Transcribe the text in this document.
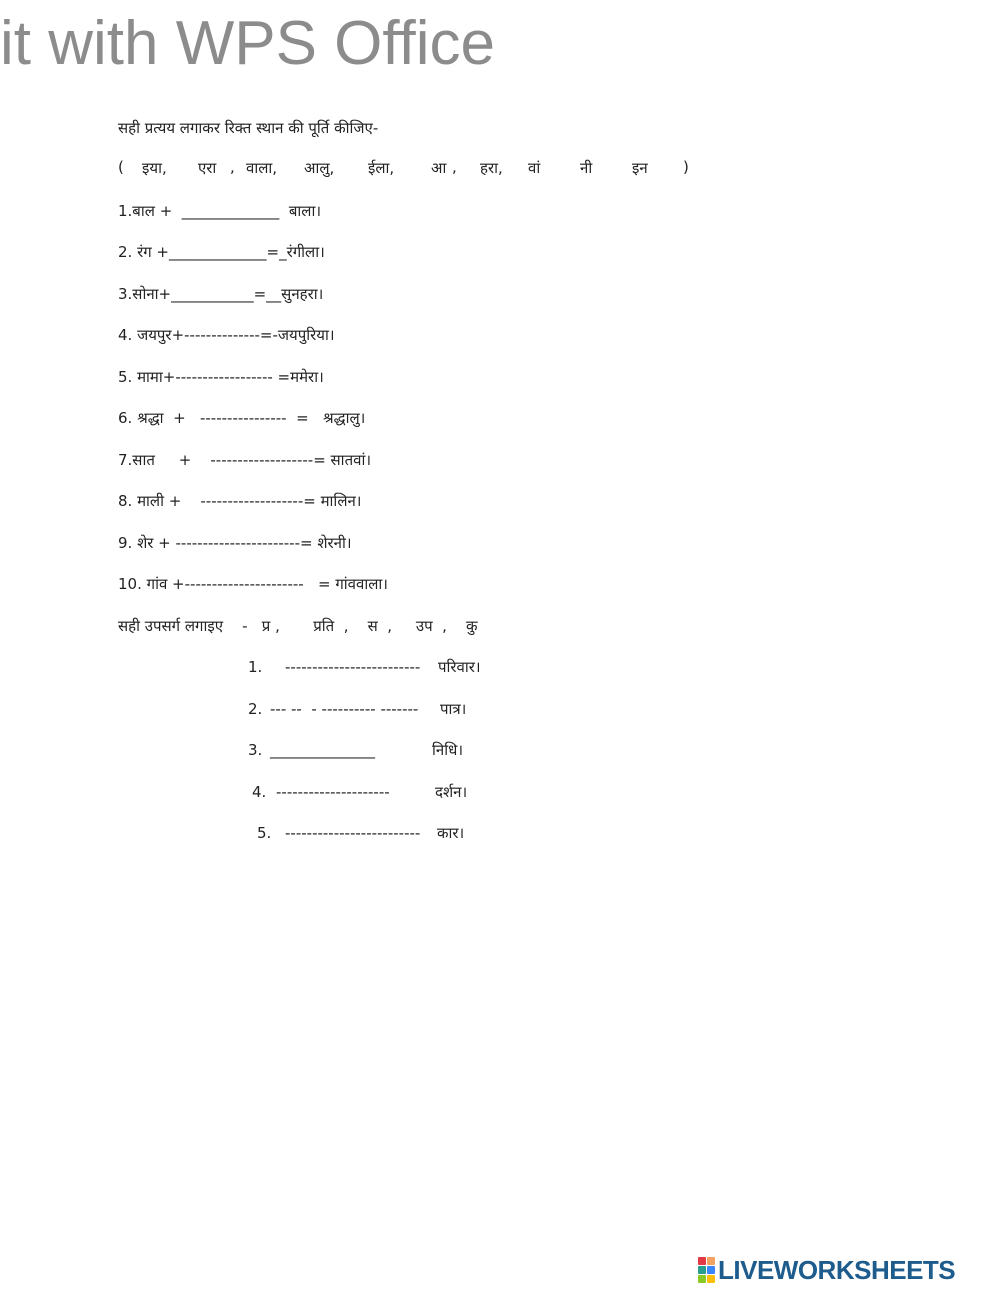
it with WPS Office
सही प्रत्यय लगाकर रिक्त स्थान की पूर्ति कीजिए-
( इया, एरा , वाला, आलु, ईला, आ , हरा, वां	नी	इन )
1.बाल +  _____________  बाला।
2. रंग +_____________=_रंगीला।
3.सोना+___________=__सुनहरा।
4. जयपुर+--------------=-जयपुरिया।
5. मामा+------------------ =ममेरा।
6. श्रद्धा  +   ----------------  =   श्रद्धालु।
7.सात     +    -------------------= सातवां।
8. माली +    -------------------= मालिन।
9. शेर + -----------------------= शेरनी।
10. गांव +----------------------   = गांववाला।
सही उपसर्ग लगाइए    -   प्र ,       प्रति  ,    स  ,     उप  ,    कु
1. ------------------------- परिवार।
2. --- --  - ---------- ------- पात्र।
3. ______________	निधि।
4. ---------------------	दर्शन।
5. ------------------------- कार।
LIVEWORKSHEETS
